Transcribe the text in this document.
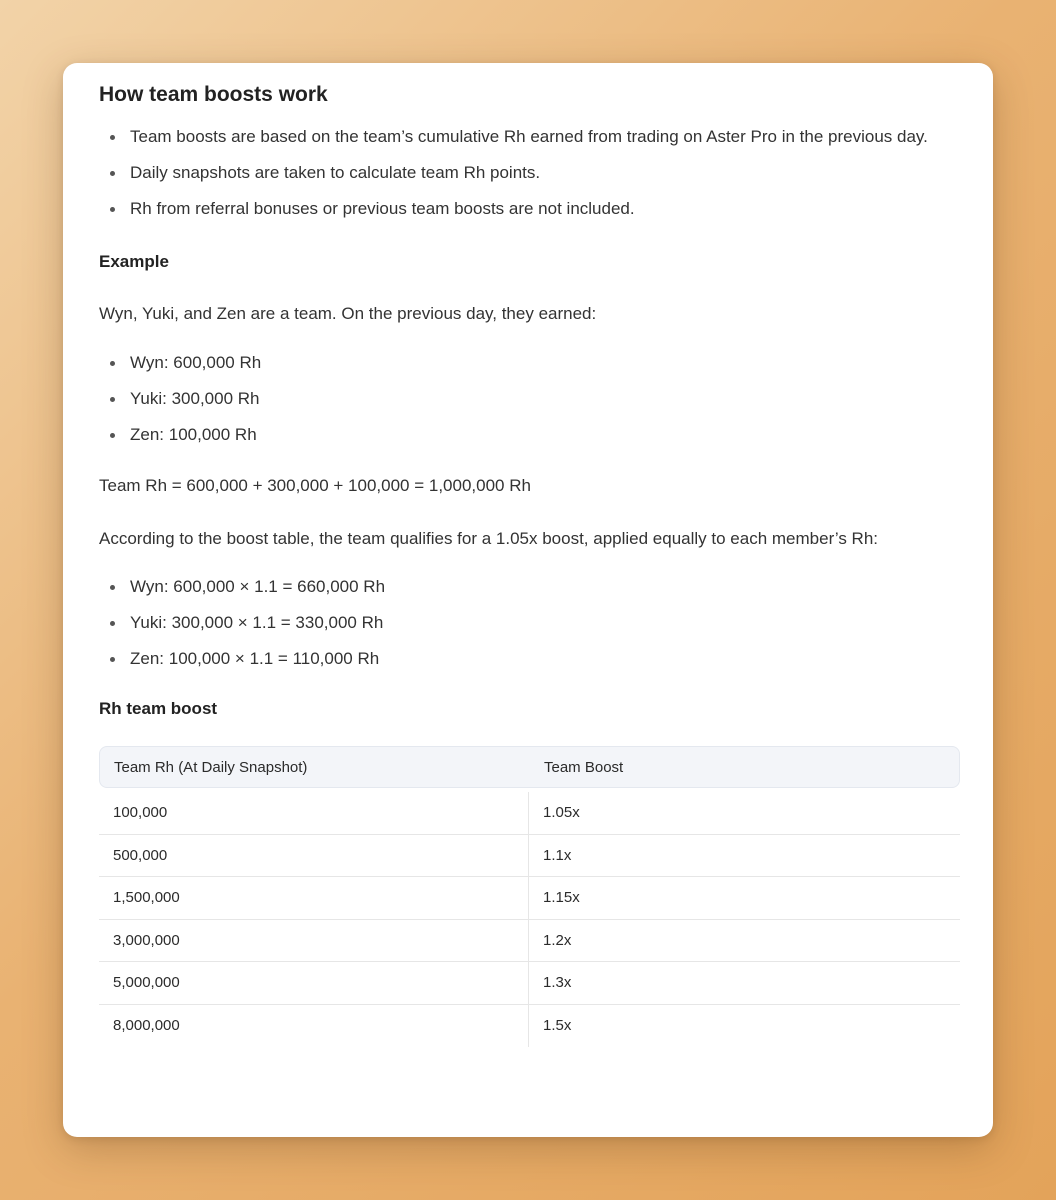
How team boosts work
Team boosts are based on the team’s cumulative Rh earned from trading on Aster Pro in the previous day.
Daily snapshots are taken to calculate team Rh points.
Rh from referral bonuses or previous team boosts are not included.

Example

Wyn, Yuki, and Zen are a team. On the previous day, they earned:

Wyn: 600,000 Rh
Yuki: 300,000 Rh
Zen: 100,000 Rh

Team Rh = 600,000 + 300,000 + 100,000 = 1,000,000 Rh

According to the boost table, the team qualifies for a 1.05x boost, applied equally to each member’s Rh:

Wyn: 600,000 × 1.1 = 660,000 Rh
Yuki: 300,000 × 1.1 = 330,000 Rh
Zen: 100,000 × 1.1 = 110,000 Rh

Rh team boost

Team Rh (At Daily Snapshot)	Team Boost
100,000	1.05x
500,000	1.1x
1,500,000	1.15x
3,000,000	1.2x
5,000,000	1.3x
8,000,000	1.5x
